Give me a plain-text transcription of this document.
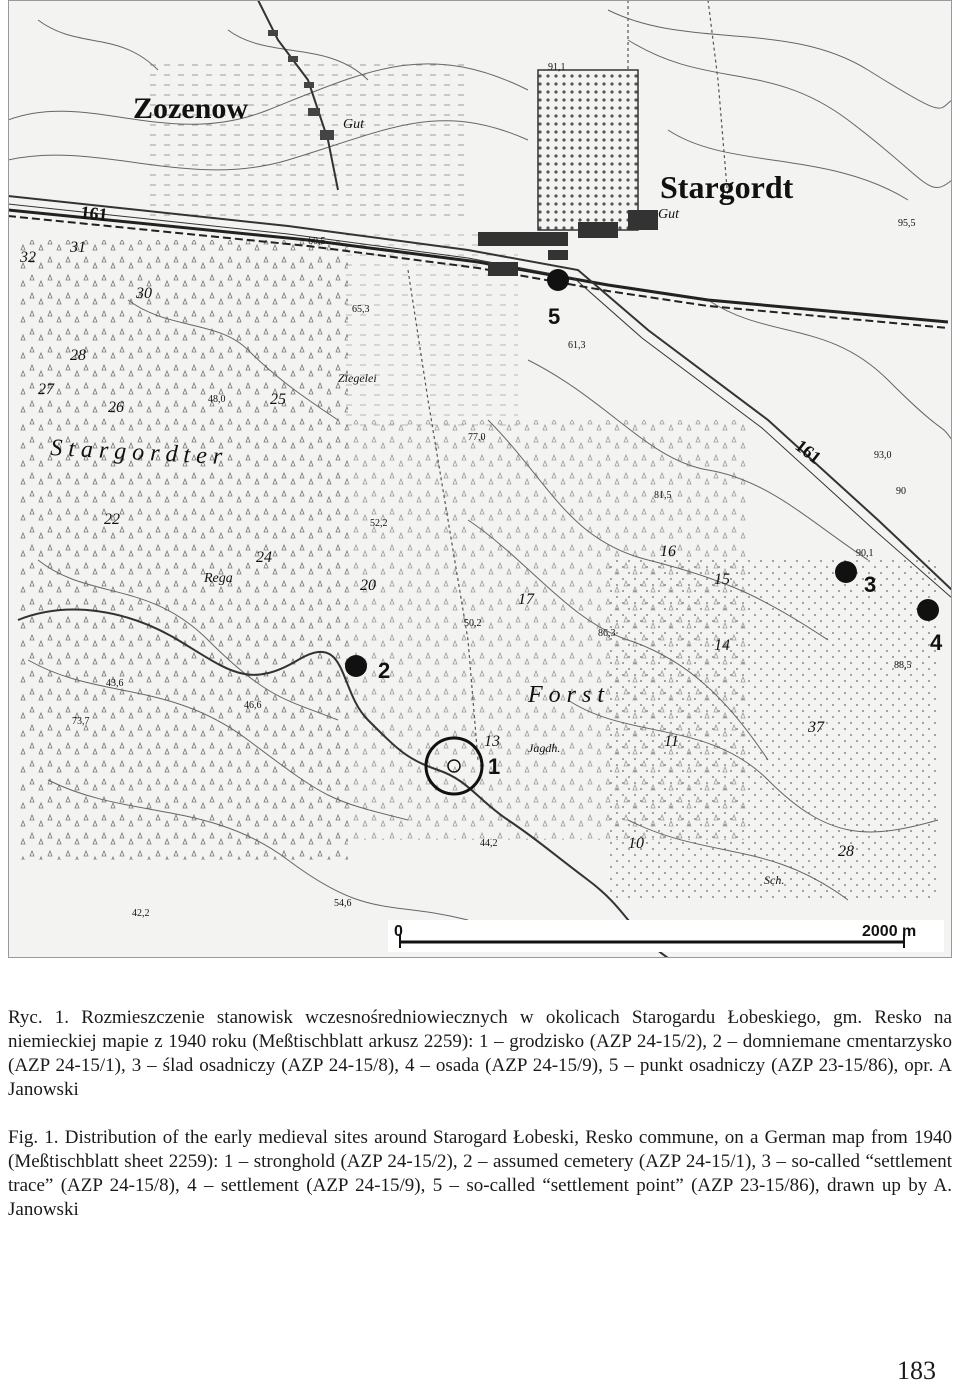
Zozenow
Stargordt
S t a r g o r d t e r
F o r s t
Rega
Ziegelei
Gut
Gut
Jagdh.
Sch.
161
161
91,1
95,5
90
93,0
90,1
88,5
86,3
81,5
77,0
65,3
52,2
48,0
46,6
43,6
44,2
42,2
54,6
73,7
60,5
61,3
50,2
31
30
28
27
26	25
24
22
20
17
16
15
14
13	11
10
32
28
37
1
2
3
4
5
0	2000 m

Ryc. 1. Rozmieszczenie stanowisk wczesnośredniowiecznych w okolicach Starogardu Łobeskiego, gm. Resko na niemieckiej mapie z 1940 roku (Meßtischblatt arkusz 2259): 1 – grodzisko (AZP 24-15/2), 2 – domniemane cmentarzysko (AZP 24-15/1), 3 – ślad osadniczy (AZP 24-15/8), 4 – osada (AZP 24-15/9), 5 – punkt osadniczy (AZP 23-15/86), opr. A Janowski

Fig. 1. Distribution of the early medieval sites around Starogard Łobeski, Resko commune, on a German map from 1940 (Meßtischblatt sheet 2259): 1 – stronghold (AZP 24-15/2), 2 – assumed cemetery (AZP 24-15/1), 3 – so-called “settlement trace” (AZP 24-15/8), 4 – settlement (AZP 24-15/9), 5 – so-called “settlement point” (AZP 23-15/86), drawn up by A. Janowski

183
